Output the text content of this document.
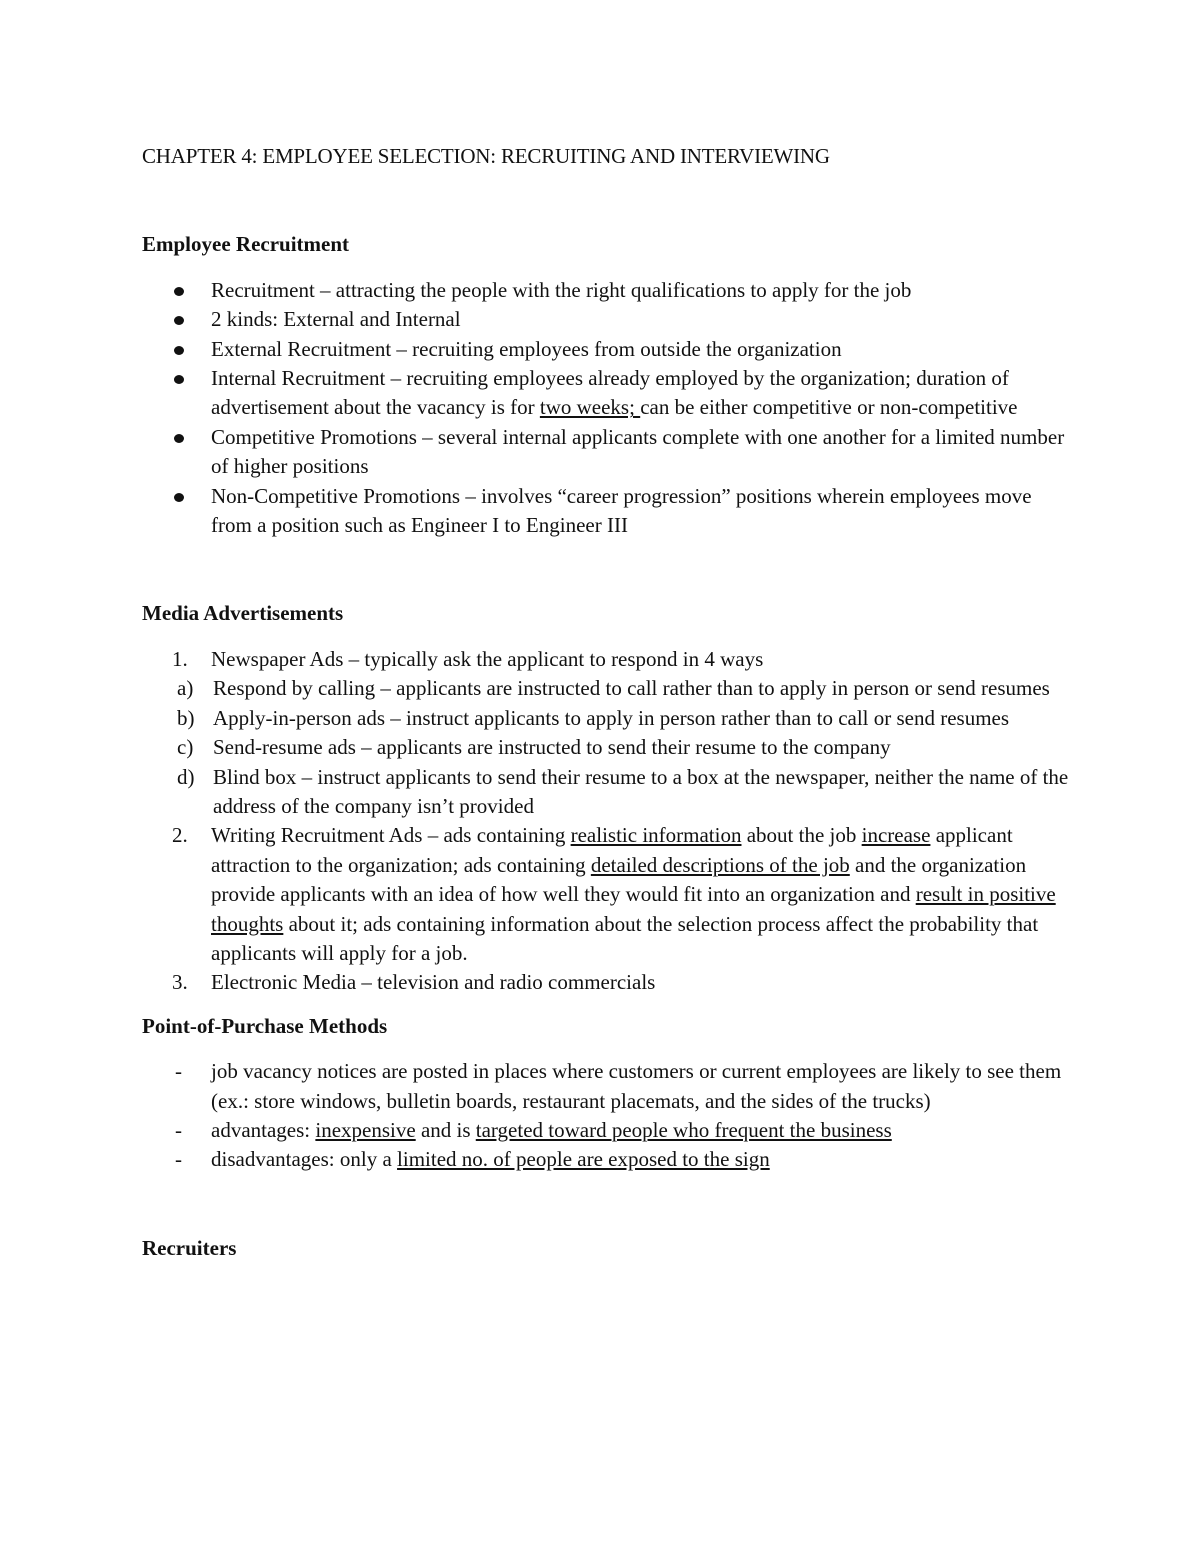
CHAPTER 4: EMPLOYEE SELECTION: RECRUITING AND INTERVIEWING
Employee Recruitment
Recruitment – attracting the people with the right qualifications to apply for the job
2 kinds: External and Internal
External Recruitment – recruiting employees from outside the organization
Internal Recruitment – recruiting employees already employed by the organization; duration of advertisement about the vacancy is for two weeks; can be either competitive or non-competitive
Competitive Promotions – several internal applicants complete with one another for a limited number of higher positions
Non-Competitive Promotions – involves “career progression” positions wherein employees move from a position such as Engineer I to Engineer III
Media Advertisements
1. Newspaper Ads – typically ask the applicant to respond in 4 ways
a) Respond by calling – applicants are instructed to call rather than to apply in person or send resumes
b) Apply-in-person ads – instruct applicants to apply in person rather than to call or send resumes
c) Send-resume ads – applicants are instructed to send their resume to the company
d) Blind box – instruct applicants to send their resume to a box at the newspaper, neither the name of the address of the company isn’t provided
2. Writing Recruitment Ads – ads containing realistic information about the job increase applicant attraction to the organization; ads containing detailed descriptions of the job and the organization provide applicants with an idea of how well they would fit into an organization and result in positive thoughts about it; ads containing information about the selection process affect the probability that applicants will apply for a job.
3. Electronic Media – television and radio commercials
Point-of-Purchase Methods
-	job vacancy notices are posted in places where customers or current employees are likely to see them (ex.: store windows, bulletin boards, restaurant placemats, and the sides of the trucks)
-	advantages: inexpensive and is targeted toward people who frequent the business
-	disadvantages: only a limited no. of people are exposed to the sign
Recruiters
